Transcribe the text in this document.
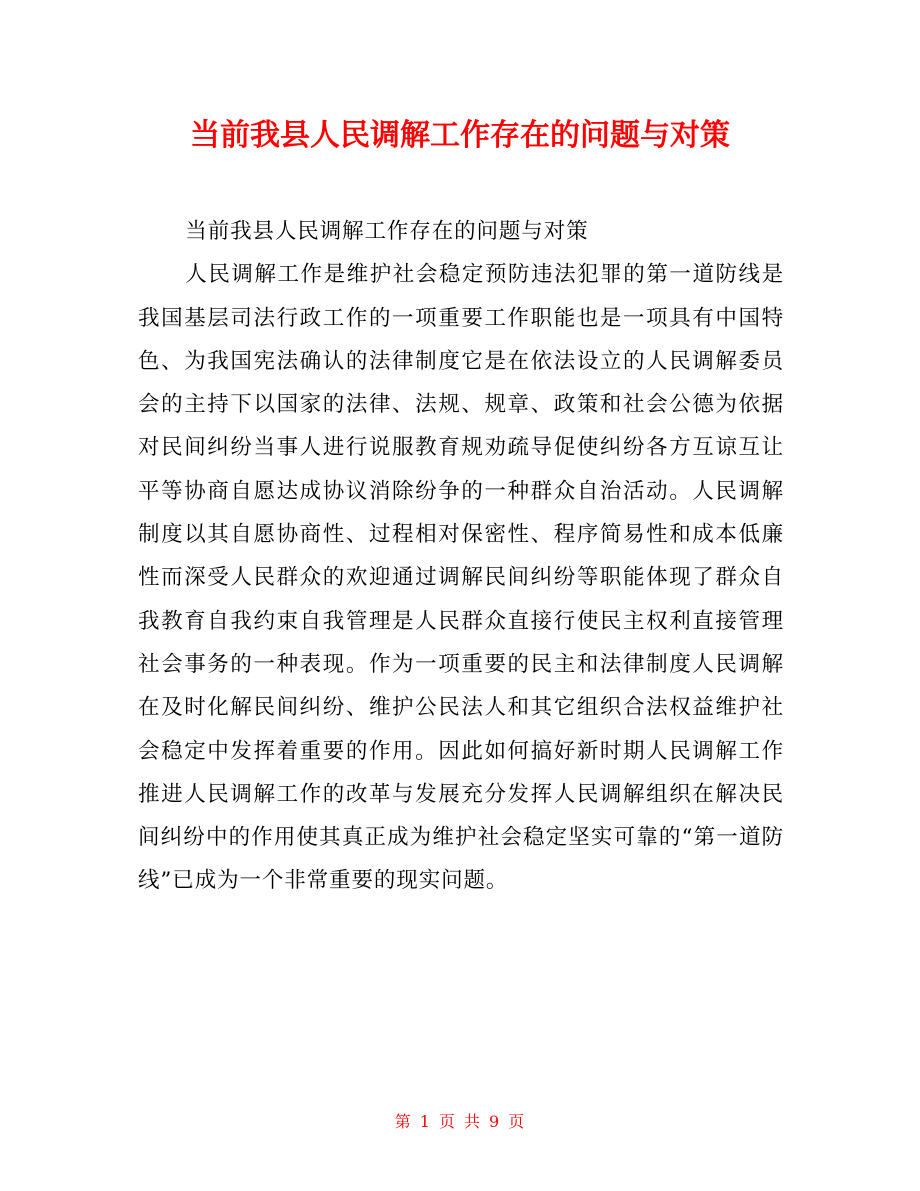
当前我县人民调解工作存在的问题与对策

当前我县人民调解工作存在的问题与对策

人民调解工作是维护社会稳定预防违法犯罪的第一道防线是我国基层司法行政工作的一项重要工作职能也是一项具有中国特色、为我国宪法确认的法律制度它是在依法设立的人民调解委员会的主持下以国家的法律、法规、规章、政策和社会公德为依据对民间纠纷当事人进行说服教育规劝疏导促使纠纷各方互谅互让平等协商自愿达成协议消除纷争的一种群众自治活动。人民调解制度以其自愿协商性、过程相对保密性、程序简易性和成本低廉性而深受人民群众的欢迎通过调解民间纠纷等职能体现了群众自我教育自我约束自我管理是人民群众直接行使民主权利直接管理社会事务的一种表现。作为一项重要的民主和法律制度人民调解在及时化解民间纠纷、维护公民法人和其它组织合法权益维护社会稳定中发挥着重要的作用。因此如何搞好新时期人民调解工作推进人民调解工作的改革与发展充分发挥人民调解组织在解决民间纠纷中的作用使其真正成为维护社会稳定坚实可靠的“第一道防线”已成为一个非常重要的现实问题。

第 1 页 共 9 页
